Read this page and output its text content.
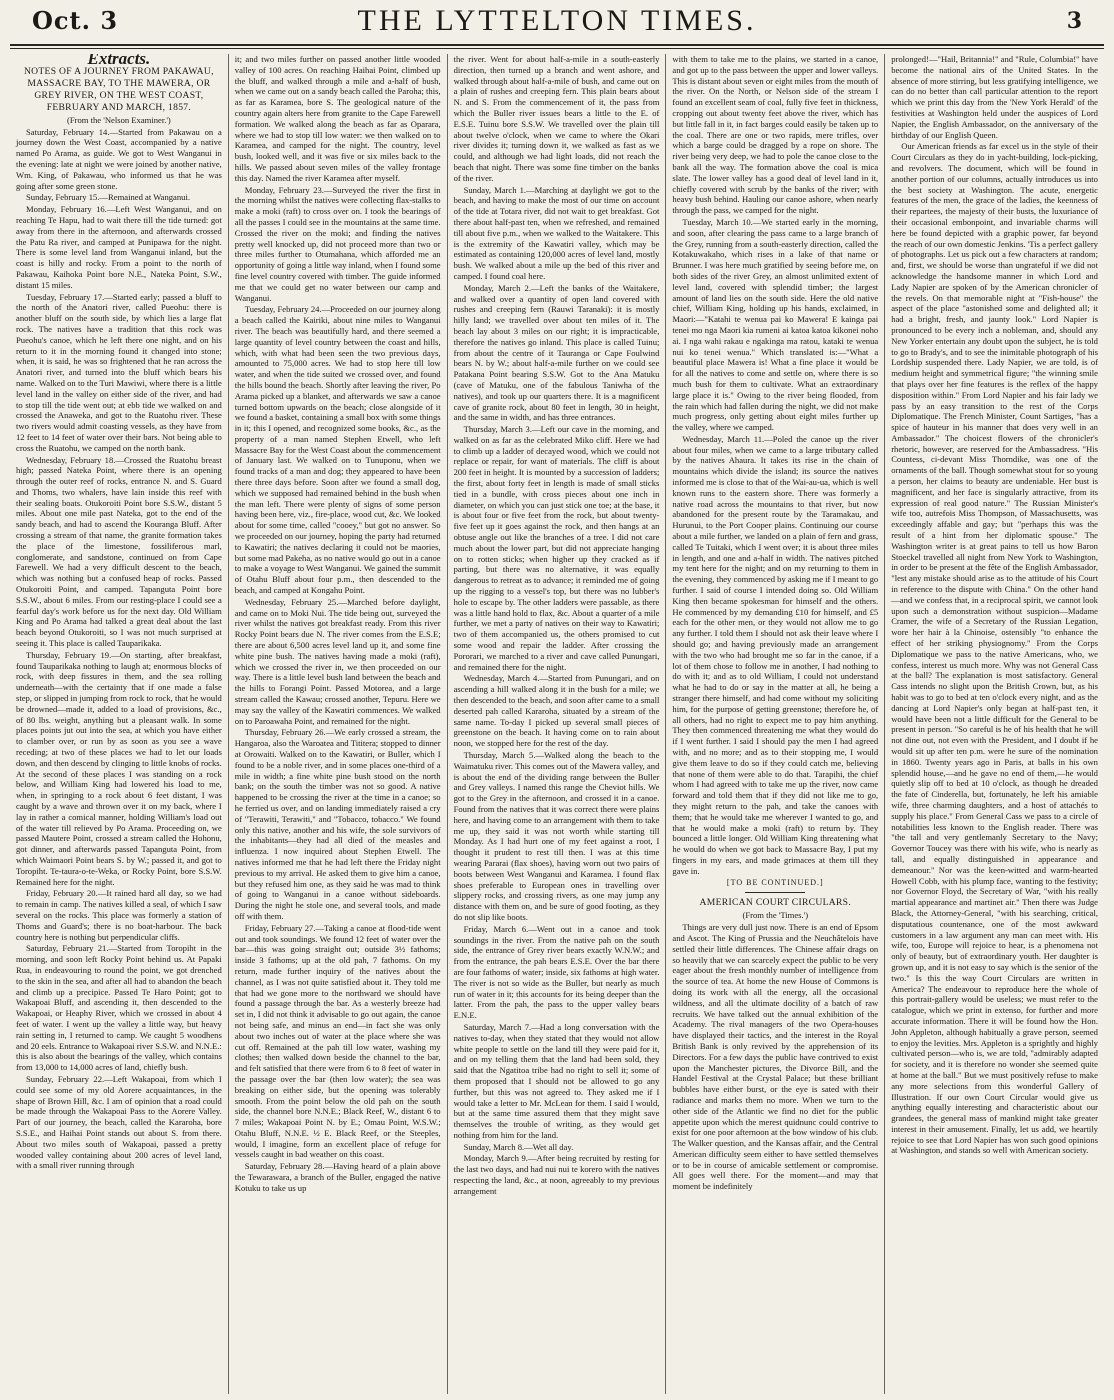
Oct. 3	THE LYTTELTON TIMES.	3

Extracts.

NOTES OF A JOURNEY FROM PAKAWAU, MASSACRE BAY, TO THE MAWERA, OR GREY RIVER, ON THE WEST COAST, FEBRUARY AND MARCH, 1857.

(From the 'Nelson Examiner.')

Saturday, February 14.—Started from Pakawau on a journey down the West Coast, accompanied by a native named Po Arama, as guide. We got to West Wanganui in the evening: late at night we were joined by another native, Wm. King, of Pakawau, who informed us that he was going after some green stone.

Sunday, February 15.—Remained at Wanganui.

Monday, February 16.—Left West Wanganui, and on reaching Te Hapu, had to wait there till the tide turned: got away from there in the afternoon, and afterwards crossed the Patu Ra river, and camped at Punipawa for the night. There is some level land from Wanganui inland, but the coast is hilly and rocky. From a point to the north of Pakawau, Kaihoka Point bore N.E., Nateka Point, S.W., distant 15 miles.

Tuesday, February 17.—Started early; passed a bluff to the north of the Anatori river, called Pueohu: there is another bluff on the south side, by which lies a large flat rock. The natives have a tradition that this rock was Pueohu's canoe, which he left there one night, and on his return to it in the morning found it changed into stone; when, it is said, he was so frightened that he ran across the Anatori river, and turned into the bluff which bears his name. Walked on to the Turi Mawiwi, where there is a little level land in the valley on either side of the river, and had to stop till the tide went out; at ebb tide we walked on and crossed the Anaweka, and got to the Ruatohu river. These two rivers would admit coasting vessels, as they have from 12 feet to 14 feet of water over their bars. Not being able to cross the Ruatohu, we camped on the north bank.

Wednesday, February 18.—Crossed the Ruatohu breast high; passed Nateka Point, where there is an opening through the outer reef of rocks, entrance N. and S. Guard and Thoms, two whalers, have lain inside this reef with their sealing boats. Otukoroiti Point bore S.S.W., distant 5 miles. About one mile past Nateka, got to the end of the sandy beach, and had to ascend the Kouranga Bluff. After crossing a stream of that name, the granite formation takes the place of the limestone, fossiliferous marl, conglomerate, and sandstone, continued on from Cape Farewell. We had a very difficult descent to the beach, which was nothing but a confused heap of rocks. Passed Otukoroiti Point, and camped. Tapanguta Point bore S.S.W., about 6 miles. From our resting-place I could see a fearful day's work before us for the next day. Old William King and Po Arama had talked a great deal about the last beach beyond Otukoroiti, so I was not much surprised at seeing it. This place is called Tauparikaka.

Thursday, February 19.—On starting, after breakfast, found Tauparikaka nothing to laugh at; enormous blocks of rock, with deep fissures in them, and the sea rolling underneath—with the certainty that if one made a false step, or slipped in jumping from rock to rock, that he would be drowned—made it, added to a load of provisions, &c., of 80 lbs. weight, anything but a pleasant walk. In some places points jut out into the sea, at which you have either to clamber over, or run by as soon as you see a wave receding; at two of these places we had to let our loads down, and then descend by clinging to little knobs of rocks. At the second of these places I was standing on a rock below, and William King had lowered his load to me, when, in springing to a rock about 6 feet distant, I was caught by a wave and thrown over it on my back, where I lay in rather a comical manner, holding William's load out of the water till relieved by Po Arama. Proceeding on, we passed Mautere Point, crossed a stream called the Hohonu, got dinner, and afterwards passed Tapanguta Point, from which Waimaori Point bears S. by W.; passed it, and got to Toropiht. Te-taura-o-te-Weka, or Rocky Point, bore S.S.W. Remained here for the night.

Friday, February 20.—It rained hard all day, so we had to remain in camp. The natives killed a seal, of which I saw several on the rocks. This place was formerly a station of Thoms and Guard's; there is no boat-harbour. The back country here is nothing but perpendicular cliffs.

Saturday, February 21.—Started from Toropiht in the morning, and soon left Rocky Point behind us. At Papaki Rua, in endeavouring to round the point, we got drenched to the skin in the sea, and after all had to abandon the beach and climb up a precipice. Passed Te Haro Point; got to Wakapoai Bluff, and ascending it, then descended to the Wakapoai, or Heaphy River, which we crossed in about 4 feet of water. I went up the valley a little way, but heavy rain setting in, I returned to camp. We caught 5 woodhens and 20 eels. Entrance to Wakapoai river S.S.W. and N.N.E.: this is also about the bearings of the valley, which contains from 13,000 to 14,000 acres of land, chiefly bush.

Sunday, February 22.—Left Wakapoai, from which I could see some of my old Aorere acquaintances, in the shape of Brown Hill, &c. I am of opinion that a road could be made through the Wakapoai Pass to the Aorere Valley. Part of our journey, the beach, called the Kararoha, bore S.S.E., and Haihai Point stands out about S. from there. About two miles south of Wakapoai, passed a pretty wooded valley containing about 200 acres of level land, with a small river running through

it; and two miles further on passed another little wooded valley of 100 acres. On reaching Haihai Point, climbed up the bluff, and walked through a mile and a-half of bush, when we came out on a sandy beach called the Paroha; this, as far as Karamea, bore S. The geological nature of the country again alters here from granite to the Cape Farewell formation. We walked along the beach as far as Oparara, where we had to stop till low water: we then walked on to Karamea, and camped for the night. The country, level bush, looked well, and it was five or six miles back to the hills. We passed about seven miles of the valley frontage this day. Named the river Karamea after myself.

Monday, February 23.—Surveyed the river the first in the morning whilst the natives were collecting flax-stalks to make a moki (raft) to cross over on. I took the bearings of all the passes I could see in the mountains at the same time. Crossed the river on the moki; and finding the natives pretty well knocked up, did not proceed more than two or three miles further to Otumahana, which afforded me an opportunity of going a little way inland, when I found some fine level country covered with timber. The guide informed me that we could get no water between our camp and Wanganui.

Tuesday, February 24.—Proceeded on our journey along a beach called the Kairiki, about nine miles to Wanganui river. The beach was beautifully hard, and there seemed a large quantity of level country between the coast and hills, which, with what had been seen the two previous days, amounted to 75,000 acres. We had to stop here till low water, and when the tide suited we crossed over, and found the hills bound the beach. Shortly after leaving the river, Po Arama picked up a blanket, and afterwards we saw a canoe turned bottom upwards on the beach; close alongside of it we found a basket, containing a small box with some things in it; this I opened, and recognized some books, &c., as the property of a man named Stephen Etwell, who left Massacre Bay for the West Coast about the commencement of January last. We walked on to Tunuponu, when we found tracks of a man and dog; they appeared to have been there three days before. Soon after we found a small dog, which we supposed had remained behind in the bush when the man left. There were plenty of signs of some person having been here, viz., fire-place, wood cut, &c. We looked about for some time, called "cooey," but got no answer. So we proceeded on our journey, hoping the party had returned to Kawatiri; the natives declaring it could not be maories, but some mad Pakeha, as no native would go out in a canoe to make a voyage to West Wanganui. We gained the summit of Otahu Bluff about four p.m., then descended to the beach, and camped at Kongahu Point.

Wednesday, February 25.—Marched before daylight, and came on to Moki Nui. The tide being out, surveyed the river whilst the natives got breakfast ready. From this river Rocky Point bears due N. The river comes from the E.S.E; there are about 6,500 acres level land up it, and some fine white pine bush. The natives having made a moki (raft), which we crossed the river in, we then proceeded on our way. There is a little level bush land between the beach and the hills to Forangi Point. Passed Motorea, and a large stream called the Kawau; crossed another, Tepuru. Here we may say the valley of the Kawatiri commences. We walked on to Paroawaha Point, and remained for the night.

Thursday, February 26.—We early crossed a stream, the Hangaroa, also the Waroatea and Tititera; stopped to dinner at Orowaiti. Walked on to the Kawatiri, or Buller, which I found to be a noble river, and in some places one-third of a mile in width; a fine white pine bush stood on the north bank; on the south the timber was not so good. A native happened to be crossing the river at the time in a canoe; so he ferried us over, and on landing immediately raised a cry of "Terawiti, Terawiti," and "Tobacco, tobacco." We found only this native, another and his wife, the sole survivors of the inhabitants—they had all died of the measles and influenza. I now inquired about Stephen Etwell. The natives informed me that he had left there the Friday night previous to my arrival. He asked them to give him a canoe, but they refused him one, as they said he was mad to think of going to Wanganui in a canoe without sideboards. During the night he stole one, and several tools, and made off with them.

Friday, February 27.—Taking a canoe at flood-tide went out and took soundings. We found 12 feet of water over the bar—this was going straight out; outside 3½ fathoms; inside 3 fathoms; up at the old pah, 7 fathoms. On my return, made further inquiry of the natives about the channel, as I was not quite satisfied about it. They told me that had we gone more to the northward we should have found a passage through the bar. As a westerly breeze had set in, I did not think it advisable to go out again, the canoe not being safe, and minus an end—in fact she was only about two inches out of water at the place where she was cut off. Remained at the pah till low water, washing my clothes; then walked down beside the channel to the bar, and felt satisfied that there were from 6 to 8 feet of water in the passage over the bar (then low water); the sea was breaking on either side, but the opening was tolerably smooth. From the point below the old pah on the south side, the channel bore N.N.E.; Black Reef, W., distant 6 to 7 miles; Wakapoai Point N. by E.; Omau Point, W.S.W.; Otahu Bluff, N.N.E. ½ E. Black Reef, or the Steeples, would, I imagine, form an excellent place of refuge for vessels caught in bad weather on this coast.

Saturday, February 28.—Having heard of a plain above the Tewarawara, a branch of the Buller, engaged the native Kotuku to take us up

the river. Went for about half-a-mile in a south-easterly direction, then turned up a branch and went ashore, and walked through about half-a-mile of bush, and came out on a plain of rushes and creeping fern. This plain bears about N. and S. From the commencement of it, the pass from which the Buller river issues bears a little to the E. of E.S.E. Tuinu bore S.S.W. We travelled over the plain till about twelve o'clock, when we came to where the Okari river divides it; turning down it, we walked as fast as we could, and although we had light loads, did not reach the beach that night. There was some fine timber on the banks of the river.

Sunday, March 1.—Marching at daylight we got to the beach, and having to make the most of our time on account of the tide at Totara river, did not wait to get breakfast. Got there about half-past ten, when we refreshed, and remained till about five p.m., when we walked to the Waitakere. This is the extremity of the Kawatiri valley, which may be estimated as containing 120,000 acres of level land, mostly bush. We walked about a mile up the bed of this river and camped. I found coal here.

Monday, March 2.—Left the banks of the Waitakere, and walked over a quantity of open land covered with rushes and creeping fern (Rauwi Taranaki): it is mostly hilly land; we travelled over about ten miles of it. The beach lay about 3 miles on our right; it is impracticable, therefore the natives go inland. This place is called Tuinu; from about the centre of it Tauranga or Cape Foulwind bears N. by W.; about half-a-mile further on we could see Patakana Point bearing S.S.W. Got to the Ana Matuku (cave of Matuku, one of the fabulous Taniwha of the natives), and took up our quarters there. It is a magnificent cave of granite rock, about 80 feet in length, 30 in height, and the same in width, and has three entrances.

Thursday, March 3.—Left our cave in the morning, and walked on as far as the celebrated Miko cliff. Here we had to climb up a ladder of decayed wood, which we could not replace or repair, for want of materials. The cliff is about 200 feet in height. It is mounted by a succession of ladders; the first, about forty feet in length is made of small sticks tied in a bundle, with cross pieces about one inch in diameter, on which you can just stick one toe; at the base, it is about four or five feet from the rock, but about twenty-five feet up it goes against the rock, and then hangs at an obtuse angle out like the branches of a tree. I did not care much about the lower part, but did not appreciate hanging on to rotten sticks; when higher up they cracked as if parting, but there was no alternative, it was equally dangerous to retreat as to advance; it reminded me of going up the rigging to a vessel's top, but there was no lubber's hole to escape by. The other ladders were passable, as there was a little hand hold to flax, &c. About a quarter of a mile further, we met a party of natives on their way to Kawatiri; two of them accompanied us, the others promised to cut some wood and repair the ladder. After crossing the Pororari, we marched to a river and cave called Punungari, and remained there for the night.

Wednesday, March 4.—Started from Punungari, and on ascending a hill walked along it in the bush for a mile; we then descended to the beach, and soon after came to a small deserted pah called Kararoha, situated by a stream of the same name. To-day I picked up several small pieces of greenstone on the beach. It having come on to rain about noon, we stopped here for the rest of the day.

Thursday, March 5.—Walked along the beach to the Waimatuku river. This comes out of the Mawera valley, and is about the end of the dividing range between the Buller and Grey valleys. I named this range the Cheviot hills. We got to the Grey in the afternoon, and crossed it in a canoe. Found from the natives that it was correct there were plains here, and having come to an arrangement with them to take me up, they said it was not worth while starting till Monday. As I had hurt one of my feet against a root, I thought it prudent to rest till then. I was at this time wearing Pararai (flax shoes), having worn out two pairs of boots between West Wanganui and Karamea. I found flax shoes preferable to European ones in travelling over slippery rocks, and crossing rivers, as one may jump any distance with them on, and be sure of good footing, as they do not slip like boots.

Friday, March 6.—Went out in a canoe and took soundings in the river. From the native pah on the south side, the entrance of Grey river bears exactly W.N.W.; and from the entrance, the pah bears E.S.E. Over the bar there are four fathoms of water; inside, six fathoms at high water. The river is not so wide as the Buller, but nearly as much run of water in it; this accounts for its being deeper than the latter. From the pah, the pass to the upper valley bears E.N.E.

Saturday, March 7.—Had a long conversation with the natives to-day, when they stated that they would not allow white people to settle on the land till they were paid for it, and on my telling them that the land had been sold, they said that the Ngatitoa tribe had no right to sell it; some of them proposed that I should not be allowed to go any further, but this was not agreed to. They asked me if I would take a letter to Mr. McLean for them. I said I would, but at the same time assured them that they might save themselves the trouble of writing, as they would get nothing from him for the land.

Sunday, March 8.—Wet all day.

Monday, March 9.—After being recruited by resting for the last two days, and had nui nui te korero with the natives respecting the land, &c., at noon, agreeably to my previous arrangement

with them to take me to the plains, we started in a canoe, and got up to the pass between the upper and lower valleys. This is distant about seven or eight miles from the mouth of the river. On the North, or Nelson side of the stream I found an excellent seam of coal, fully five feet in thickness, cropping out about twenty feet above the river, which has but little fall in it, in fact barges could easily be taken up to the coal. There are one or two rapids, mere trifles, over which a barge could be dragged by a rope on shore. The river being very deep, we had to pole the canoe close to the bank all the way. The formation above the coal is mica slate. The lower valley has a good deal of level land in it, chiefly covered with scrub by the banks of the river; with heavy bush behind. Hauling our canoe ashore, when nearly through the pass, we camped for the night.

Tuesday, March 10.—We started early in the morning, and soon, after clearing the pass came to a large branch of the Grey, running from a south-easterly direction, called the Kotakuwakaho, which rises in a lake of that name or Brunner. I was here much gratified by seeing before me, on both sides of the river Grey, an almost unlimited extent of level land, covered with splendid timber; the largest amount of land lies on the south side. Here the old native chief, William King, holding up his hands, exclaimed, in Maori:—"Katahi te wenua pai ko Mawera! E kainga pai tenei mo nga Maori kia rumeni ai katoa katoa kikonei noho ai. I nga wahi rakau e ngakinga ma ratou, kataki te wenua nui ko tenei wenua." Which translated is:—"What a beautiful place Mawera is! What a fine place it would be for all the natives to come and settle on, where there is so much bush for them to cultivate. What an extraordinary large place it is." Owing to the river being flooded, from the rain which had fallen during the night, we did not make much progress, only getting about eight miles further up the valley, where we camped.

Wednesday, March 11.—Poled the canoe up the river about four miles, when we came to a large tributary called by the natives Ahaura. It takes its rise in the chain of mountains which divide the island; its source the natives informed me is close to that of the Wai-au-ua, which is well known runs to the eastern shore. There was formerly a native road across the mountains to that river, but now abandoned for the present route by the Taramakau, and Hurunui, to the Port Cooper plains. Continuing our course about a mile further, we landed on a plain of fern and grass, called Te Tuitaki, which I went over; it is about three miles in length, and one and a-half in width. The natives pitched my tent here for the night; and on my returning to them in the evening, they commenced by asking me if I meant to go further. I said of course I intended doing so. Old William King then became spokesman for himself and the others. He commenced by my demanding £10 for himself, and £5 each for the other men, or they would not allow me to go any further. I told them I should not ask their leave where I should go; and having previously made an arrangement with the two who had brought me so far in the canoe, if a lot of them chose to follow me in another, I had nothing to do with it; and as to old William, I could not understand what he had to do or say in the matter at all, he being a stranger there himself, and had come without my soliciting him, for the purpose of getting greenstone; therefore he, of all others, had no right to expect me to pay him anything. They then commenced threatening me what they would do if I went further. I said I should pay the men I had agreed with, and no more; and as to their stopping me, I would give them leave to do so if they could catch me, believing that none of them were able to do that. Tarapihi, the chief whom I had agreed with to take me up the river, now came forward and told them that if they did not like me to go, they might return to the pah, and take the canoes with them; that he would take me wherever I wanted to go, and that he would make a moki (raft) to return by. They bounced a little longer. Old William King threatening what he would do when we got back to Massacre Bay, I put my fingers in my ears, and made grimaces at them till they gave in.

[TO BE CONTINUED.]

AMERICAN COURT CIRCULARS.

(From the 'Times.')

Things are very dull just now. There is an end of Epsom and Ascot. The King of Prussia and the Neuchâtelois have settled their little differences. The Chinese affair drags on so heavily that we can scarcely expect the public to be very eager about the fresh monthly number of intelligence from the source of tea. At home the new House of Commons is doing its work with all the energy, all the occasional wildness, and all the ultimate docility of a batch of raw recruits. We have talked out the annual exhibition of the Academy. The rival managers of the two Opera-houses have displayed their tactics, and the interest in the Royal British Bank is only revived by the apprehension of its Directors. For a few days the public have contrived to exist upon the Manchester pictures, the Divorce Bill, and the Handel Festival at the Crystal Palace; but these brilliant bubbles have either burst, or the eye is sated with their radiance and marks them no more. When we turn to the other side of the Atlantic we find no diet for the public appetite upon which the merest quidnunc could contrive to exist for one poor afternoon at the bow window of his club. The Walker question, and the Kansas affair, and the Central American difficulty seem either to have settled themselves or to be in course of amicable settlement or compromise. All goes well there. For the moment—and may that moment be indefinitely

prolonged!—"Hail, Britannia!" and "Rule, Columbia!" have become the national airs of the United States. In the absence of more stirring, but less gratifying intelligence, we can do no better than call particular attention to the report which we print this day from the 'New York Herald' of the festivities at Washington held under the auspices of Lord Napier, the English Ambassador, on the anniversary of the birthday of our English Queen.

Our American friends as far excel us in the style of their Court Circulars as they do in yacht-building, lock-picking, and revolvers. The document, which will be found in another portion of our columns, actually introduces us into the best society at Washington. The acute, energetic features of the men, the grace of the ladies, the keenness of their repartees, the majesty of their busts, the luxuriance of their occasional embonpoint, and invariable charms will here be found depicted with a graphic power, far beyond the reach of our own domestic Jenkins. 'Tis a perfect gallery of photographs. Let us pick out a few characters at random; and, first, we should be worse than ungrateful if we did not acknowledge the handsome manner in which Lord and Lady Napier are spoken of by the American chronicler of the revels. On that memorable night at "Fish-house" the aspect of the place "astonished some and delighted all; it had a bright, fresh, and jaunty look." Lord Napier is pronounced to be every inch a nobleman, and, should any New Yorker entertain any doubt upon the subject, he is told to go to Brady's, and to see the inimitable photograph of his Lordship suspended there. Lady Napier, we are told, is of medium height and symmetrical figure; "the winning smile that plays over her fine features is the reflex of the happy disposition within." From Lord Napier and his fair lady we pass by an easy transition to the rest of the Corps Diplomatique. The French Minister, Count Sartiges, "has a spice of hauteur in his manner that does very well in an Ambassador." The choicest flowers of the chronicler's rhetoric, however, are reserved for the Ambassadress. "His Countess, ci-devant Miss Thorndike, was one of the ornaments of the ball. Though somewhat stout for so young a person, her claims to beauty are undeniable. Her bust is magnificent, and her face is singularly attractive, from its expression of real good nature." The Russian Minister's wife too, autrefois Miss Thompson, of Massachusetts, was exceedingly affable and gay; but "perhaps this was the result of a hint from her diplomatic spouse." The Washington writer is at great pains to tell us how Baron Stoeckel travelled all night from New York to Washington, in order to be present at the fête of the English Ambassador, "lest any mistake should arise as to the attitude of his Court in reference to the dispute with China." On the other hand—and we confess that, in a reciprocal spirit, we cannot look upon such a demonstration without suspicion—Madame Cramer, the wife of a Secretary of the Russian Legation, wore her hair à la Chinoise, ostensibly "to enhance the effect of her striking physiognomy." From the Corps Diplomatique we pass to the native Americans, who, we confess, interest us much more. Why was not General Cass at the ball? The explanation is most satisfactory. General Cass intends no slight upon the British Crown, but, as his habit was to go to bed at ten o'clock every night, and as the dancing at Lord Napier's only began at half-past ten, it would have been not a little difficult for the General to be present in person. "So careful is he of his health that he will not dine out, not even with the President, and I doubt if he would sit up after ten p.m. were he sure of the nomination in 1860. Twenty years ago in Paris, at balls in his own splendid house,—and he gave no end of them,—he would quietly slip off to bed at 10 o'clock, as though he dreaded the fate of Cinderella, but, fortunately, he left his amiable wife, three charming daughters, and a host of attachés to supply his place." From General Cass we pass to a circle of notabilities less known to the English reader. There was "the tall and very gentlemanly Secretary to the Navy; Governor Toucey was there with his wife, who is nearly as tall, and equally distinguished in appearance and demeanour." Nor was the keen-witted and warm-hearted Howell Cobb, with his plump face, wanting to the festivity; nor Governor Floyd, the Secretary of War, "with his really martial appearance and martinet air." Then there was Judge Black, the Attorney-General, "with his searching, critical, disputatious countenance, one of the most awkward customers in a law argument any man can meet with. His wife, too, Europe will rejoice to hear, is a phenomena not only of beauty, but of extraordinary youth. Her daughter is grown up, and it is not easy to say which is the senior of the two." Is this the way Court Circulars are written in America? The endeavour to reproduce here the whole of this portrait-gallery would be useless; we must refer to the catalogue, which we print in extenso, for further and more accurate information. There it will be found how the Hon. John Appleton, although habitually a grave person, seemed to enjoy the levities. Mrs. Appleton is a sprightly and highly cultivated person—who is, we are told, "admirably adapted for society, and it is therefore no wonder she seemed quite at home at the ball." But we must positively refuse to make any more selections from this wonderful Gallery of Illustration. If our own Court Circular would give us anything equally interesting and characteristic about our grandees, the general mass of mankind might take greater interest in their amusement. Finally, let us add, we heartily rejoice to see that Lord Napier has won such good opinions at Washington, and stands so well with American society.
